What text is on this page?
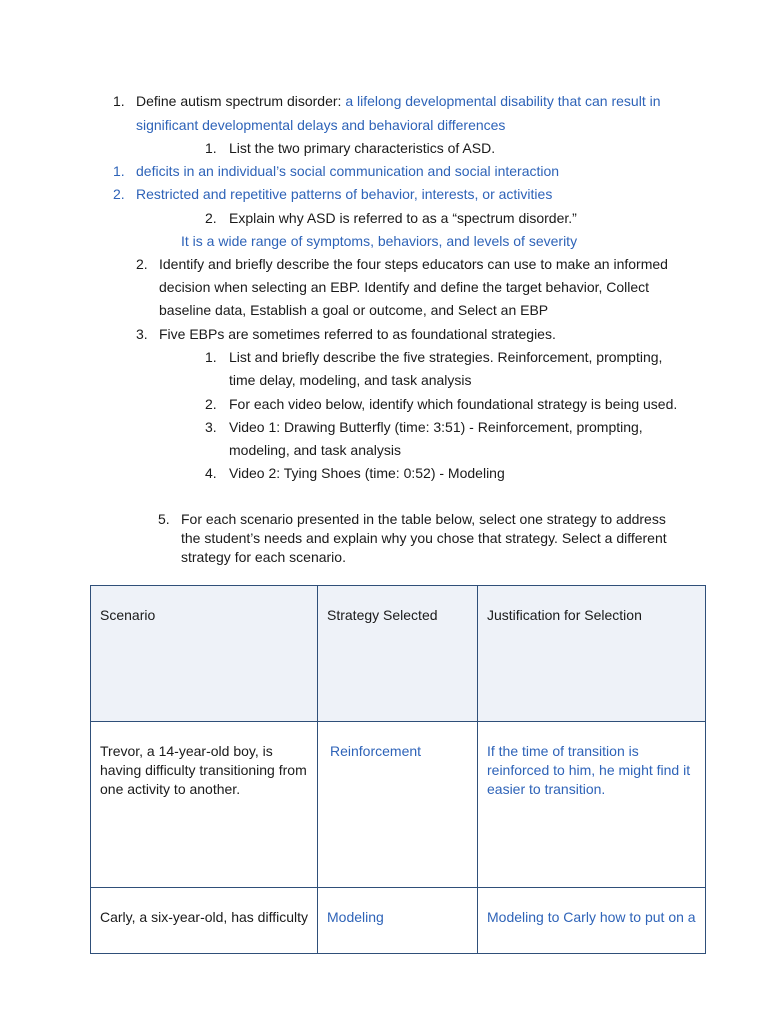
1. Define autism spectrum disorder: a lifelong developmental disability that can result in
significant developmental delays and behavioral differences
1. List the two primary characteristics of ASD.
1. deficits in an individual’s social communication and social interaction
2. Restricted and repetitive patterns of behavior, interests, or activities
2. Explain why ASD is referred to as a “spectrum disorder.”
It is a wide range of symptoms, behaviors, and levels of severity
2. Identify and briefly describe the four steps educators can use to make an informed
decision when selecting an EBP. Identify and define the target behavior, Collect
baseline data, Establish a goal or outcome, and Select an EBP
3. Five EBPs are sometimes referred to as foundational strategies.
1. List and briefly describe the five strategies. Reinforcement, prompting,
time delay, modeling, and task analysis
2. For each video below, identify which foundational strategy is being used.
3. Video 1: Drawing Butterfly (time: 3:51) - Reinforcement, prompting,
modeling, and task analysis
4. Video 2: Tying Shoes (time: 0:52) - Modeling
5. For each scenario presented in the table below, select one strategy to address
the student’s needs and explain why you chose that strategy. Select a different
strategy for each scenario.
Scenario	Strategy Selected	Justification for Selection
Trevor, a 14-year-old boy, is having difficulty transitioning from one activity to another.	Reinforcement	If the time of transition is reinforced to him, he might find it easier to transition.
Carly, a six-year-old, has difficulty	Modeling	Modeling to Carly how to put on a
